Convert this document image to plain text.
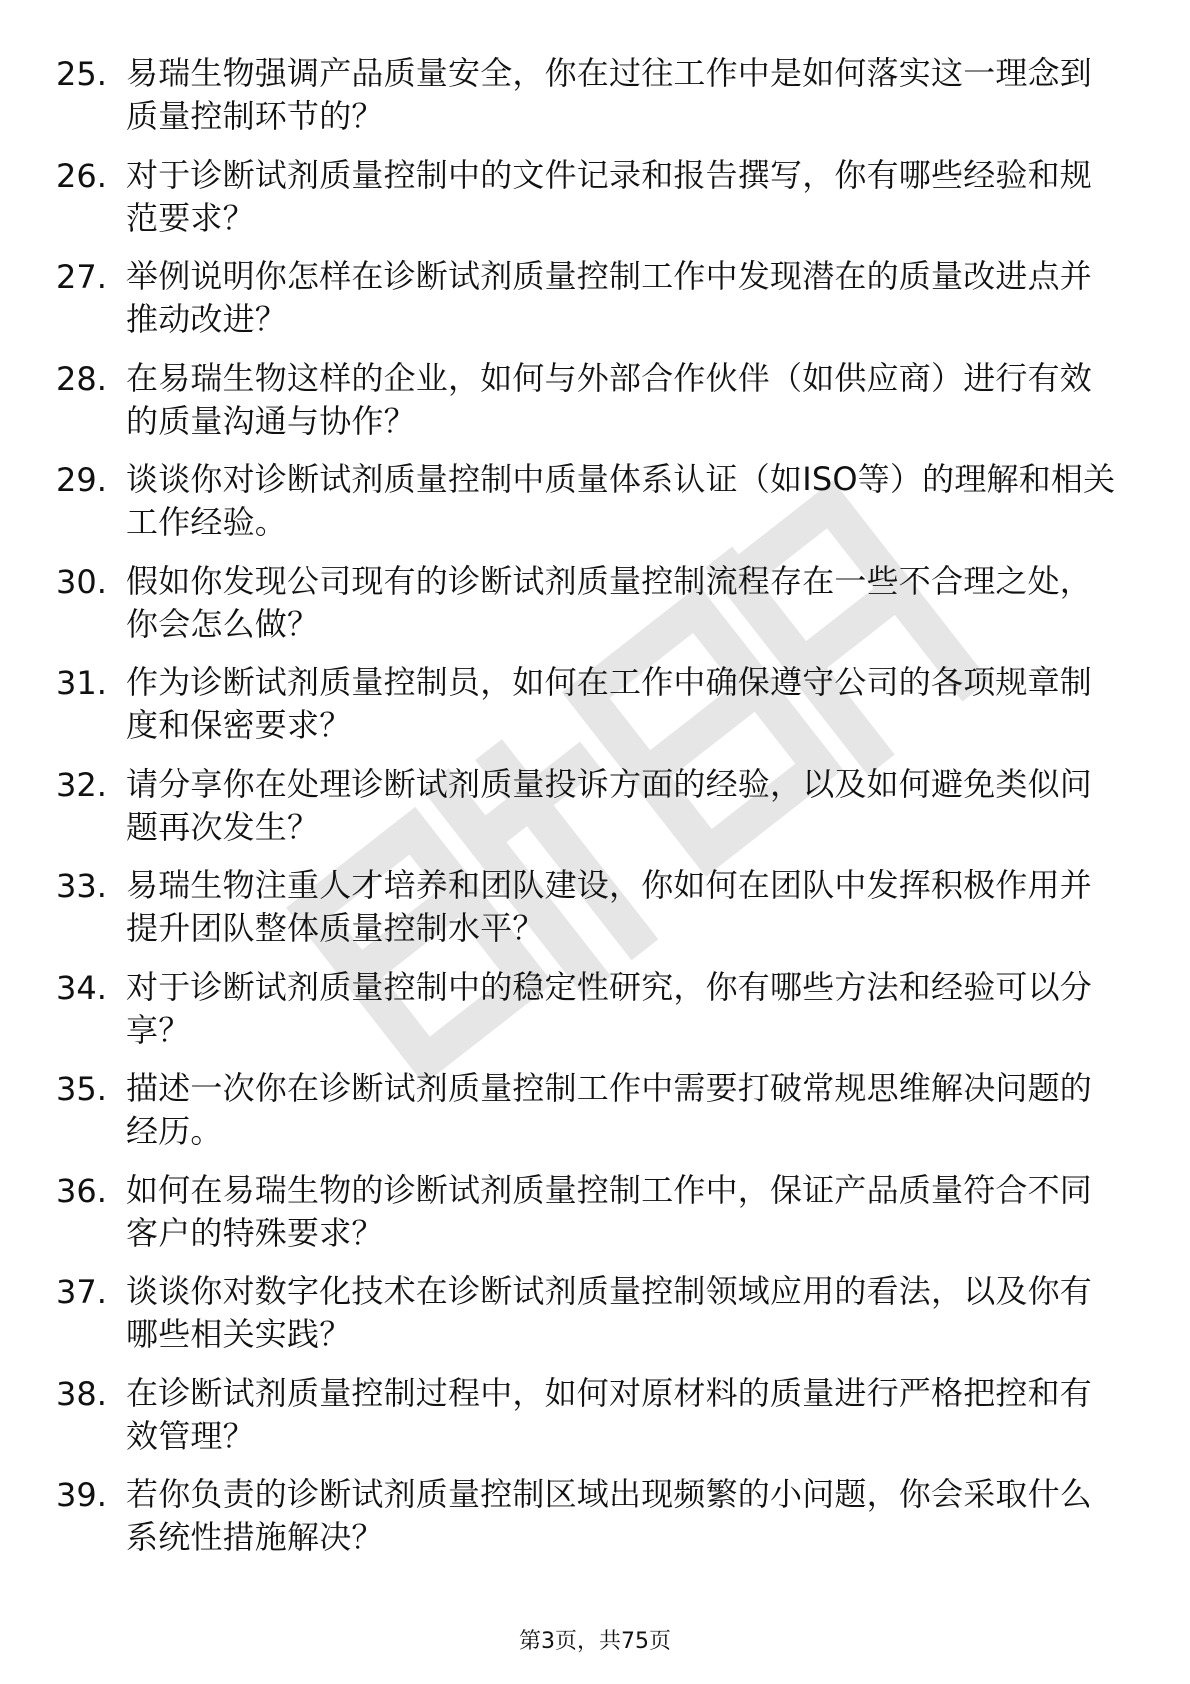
25. 易瑞生物强调产品质量安全，你在过往工作中是如何落实这一理念到质量控制环节的？
26. 对于诊断试剂质量控制中的文件记录和报告撰写，你有哪些经验和规范要求？
27. 举例说明你怎样在诊断试剂质量控制工作中发现潜在的质量改进点并推动改进？
28. 在易瑞生物这样的企业，如何与外部合作伙伴（如供应商）进行有效的质量沟通与协作？
29. 谈谈你对诊断试剂质量控制中质量体系认证（如ISO等）的理解和相关工作经验。
30. 假如你发现公司现有的诊断试剂质量控制流程存在一些不合理之处，你会怎么做？
31. 作为诊断试剂质量控制员，如何在工作中确保遵守公司的各项规章制度和保密要求？
32. 请分享你在处理诊断试剂质量投诉方面的经验，以及如何避免类似问题再次发生？
33. 易瑞生物注重人才培养和团队建设，你如何在团队中发挥积极作用并提升团队整体质量控制水平？
34. 对于诊断试剂质量控制中的稳定性研究，你有哪些方法和经验可以分享？
35. 描述一次你在诊断试剂质量控制工作中需要打破常规思维解决问题的经历。
36. 如何在易瑞生物的诊断试剂质量控制工作中，保证产品质量符合不同客户的特殊要求？
37. 谈谈你对数字化技术在诊断试剂质量控制领域应用的看法，以及你有哪些相关实践？
38. 在诊断试剂质量控制过程中，如何对原材料的质量进行严格把控和有效管理？
39. 若你负责的诊断试剂质量控制区域出现频繁的小问题，你会采取什么系统性措施解决？
第3页，共75页
